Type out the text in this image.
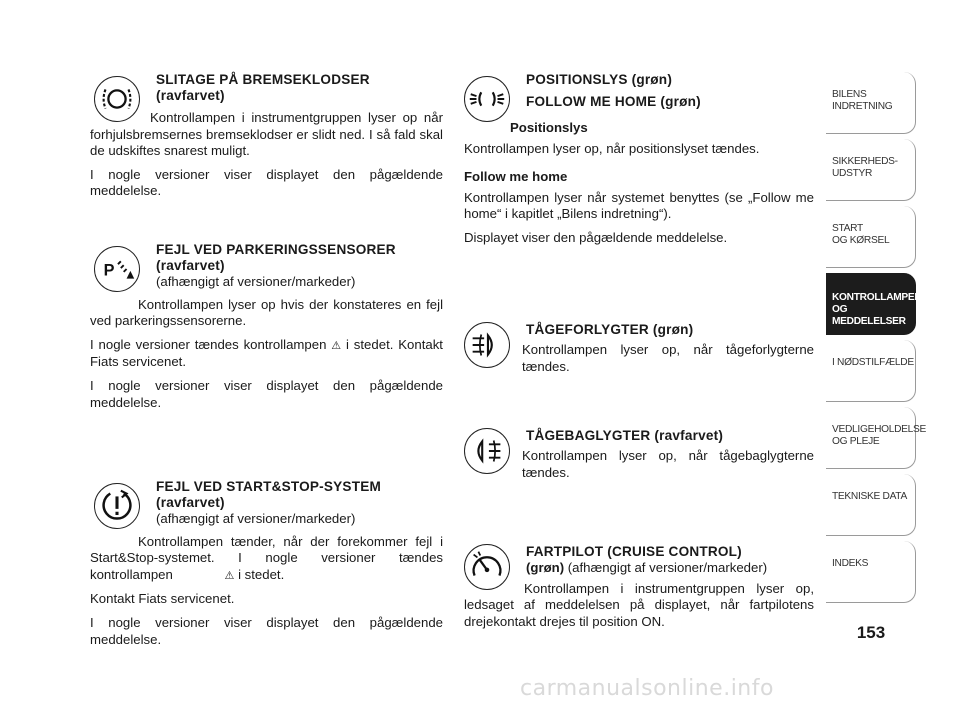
SLITAGE PÅ BREMSEKLODSER
(ravfarvet)

Kontrollampen i instrumentgruppen lyser op når forhjulsbremsernes bremseklodser er slidt ned. I så fald skal de udskiftes snarest muligt.

I nogle versioner viser displayet den pågældende meddelelse.

P
FEJL VED PARKERINGSSENSORER
(ravfarvet)
(afhængigt af versioner/markeder)

Kontrollampen lyser op hvis der konstateres en fejl ved parkeringssensorerne.

I nogle versioner tændes kontrollampen ⚠ i stedet. Kontakt Fiats servicenet.

I nogle versioner viser displayet den pågældende meddelelse.

FEJL VED START&STOP-SYSTEM
(ravfarvet)
(afhængigt af versioner/markeder)

Kontrollampen tænder, når der forekommer fejl i Start&Stop-systemet. I nogle versioner tændes kontrollampen	⚠ i stedet.

Kontakt Fiats servicenet.

I nogle versioner viser displayet den pågældende meddelelse.

POSITIONSLYS (grøn)
FOLLOW ME HOME (grøn)
Positionslys

Kontrollampen lyser op, når positionslyset tændes.

Follow me home

Kontrollampen lyser når systemet benyttes (se „Follow me home“ i kapitlet „Bilens indretning“).

Displayet viser den pågældende meddelelse.

TÅGEFORLYGTER (grøn)

Kontrollampen lyser op, når tågeforlygterne tændes.

TÅGEBAGLYGTER (ravfarvet)

Kontrollampen lyser op, når tågebaglygterne tændes.

FARTPILOT (CRUISE CONTROL)
(grøn) (afhængigt af versioner/markeder)

Kontrollampen i instrumentgruppen lyser op, ledsaget af meddelelsen på displayet, når fartpilotens drejekontakt drejes til position ON.

BILENS
INDRETNING
SIKKERHEDS-
UDSTYR
START
OG KØRSEL
KONTROLLAMPER
OG MEDDELELSER
I NØDSTILFÆLDE
VEDLIGEHOLDELSE
OG PLEJE
TEKNISKE DATA
INDEKS
153
carmanualsonline.info
